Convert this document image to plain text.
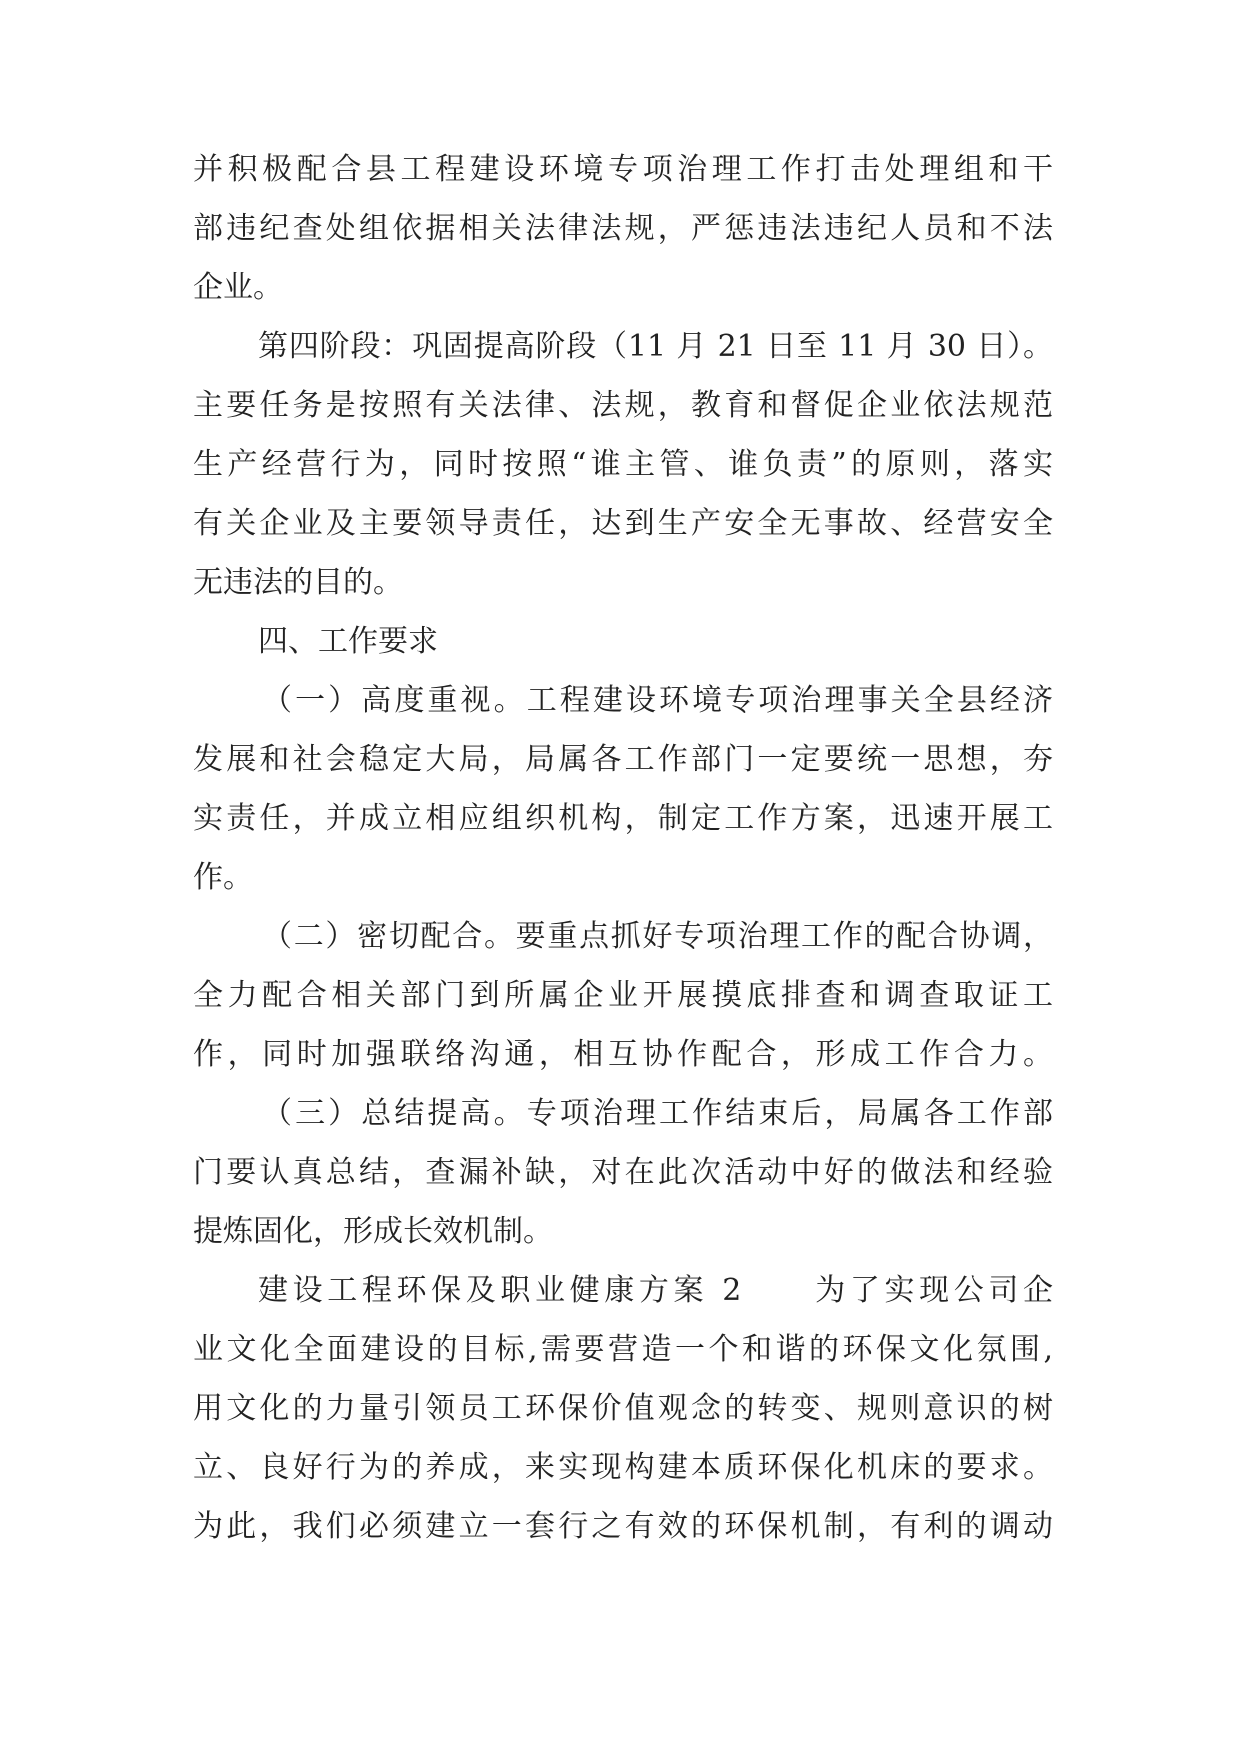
并积极配合县工程建设环境专项治理工作打击处理组和干
部违纪查处组依据相关法律法规，严惩违法违纪人员和不法
企业。
第四阶段：巩固提高阶段（11 月 21 日至 11 月 30 日）。
主要任务是按照有关法律、法规，教育和督促企业依法规范
生产经营行为，同时按照“谁主管、谁负责”的原则，落实
有关企业及主要领导责任，达到生产安全无事故、经营安全
无违法的目的。
四、工作要求
（一）高度重视。工程建设环境专项治理事关全县经济
发展和社会稳定大局，局属各工作部门一定要统一思想，夯
实责任，并成立相应组织机构，制定工作方案，迅速开展工
作。
（二）密切配合。要重点抓好专项治理工作的配合协调，
全力配合相关部门到所属企业开展摸底排查和调查取证工
作，同时加强联络沟通，相互协作配合，形成工作合力。
（三）总结提高。专项治理工作结束后，局属各工作部
门要认真总结，查漏补缺，对在此次活动中好的做法和经验
提炼固化，形成长效机制。
建设工程环保及职业健康方案 2　　为了实现公司企
业文化全面建设的目标,需要营造一个和谐的环保文化氛围,
用文化的力量引领员工环保价值观念的转变、规则意识的树
立、良好行为的养成，来实现构建本质环保化机床的要求。
为此，我们必须建立一套行之有效的环保机制，有利的调动
